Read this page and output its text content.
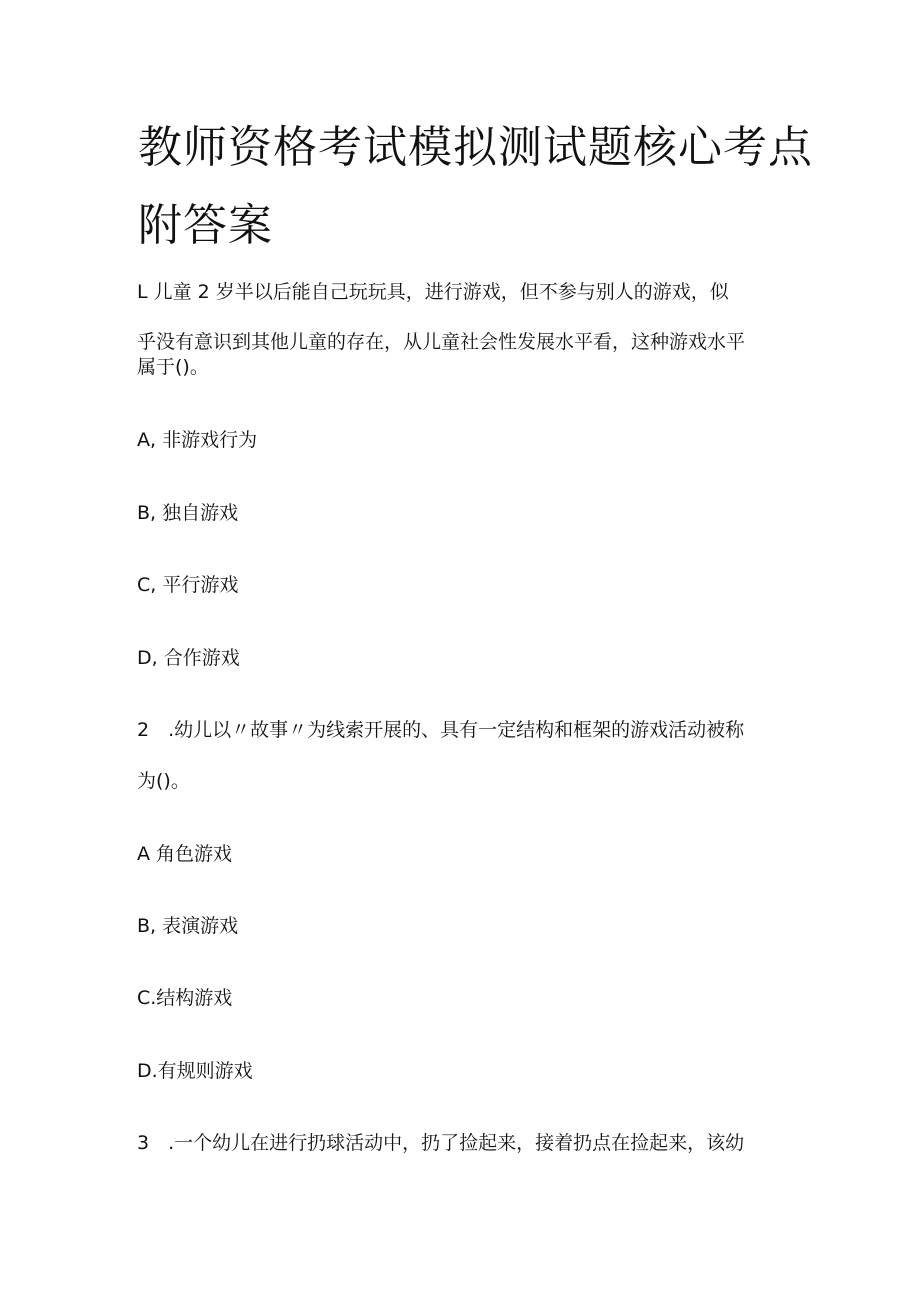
教师资格考试模拟测试题核心考点
附答案

L 儿童 2 岁半以后能自己玩玩具，进行游戏，但不参与别人的游戏，似

乎没有意识到其他儿童的存在，从儿童社会性发展水平看，这种游戏水平

属于()。

A, 非游戏行为

B, 独自游戏

C, 平行游戏

D, 合作游戏

2　.幼儿以〃故事〃为线索开展的、具有一定结构和框架的游戏活动被称

为()。

A 角色游戏

B, 表演游戏

C.结构游戏

D.有规则游戏

3　.一个幼儿在进行扔球活动中，扔了捡起来，接着扔点在捡起来，该幼
